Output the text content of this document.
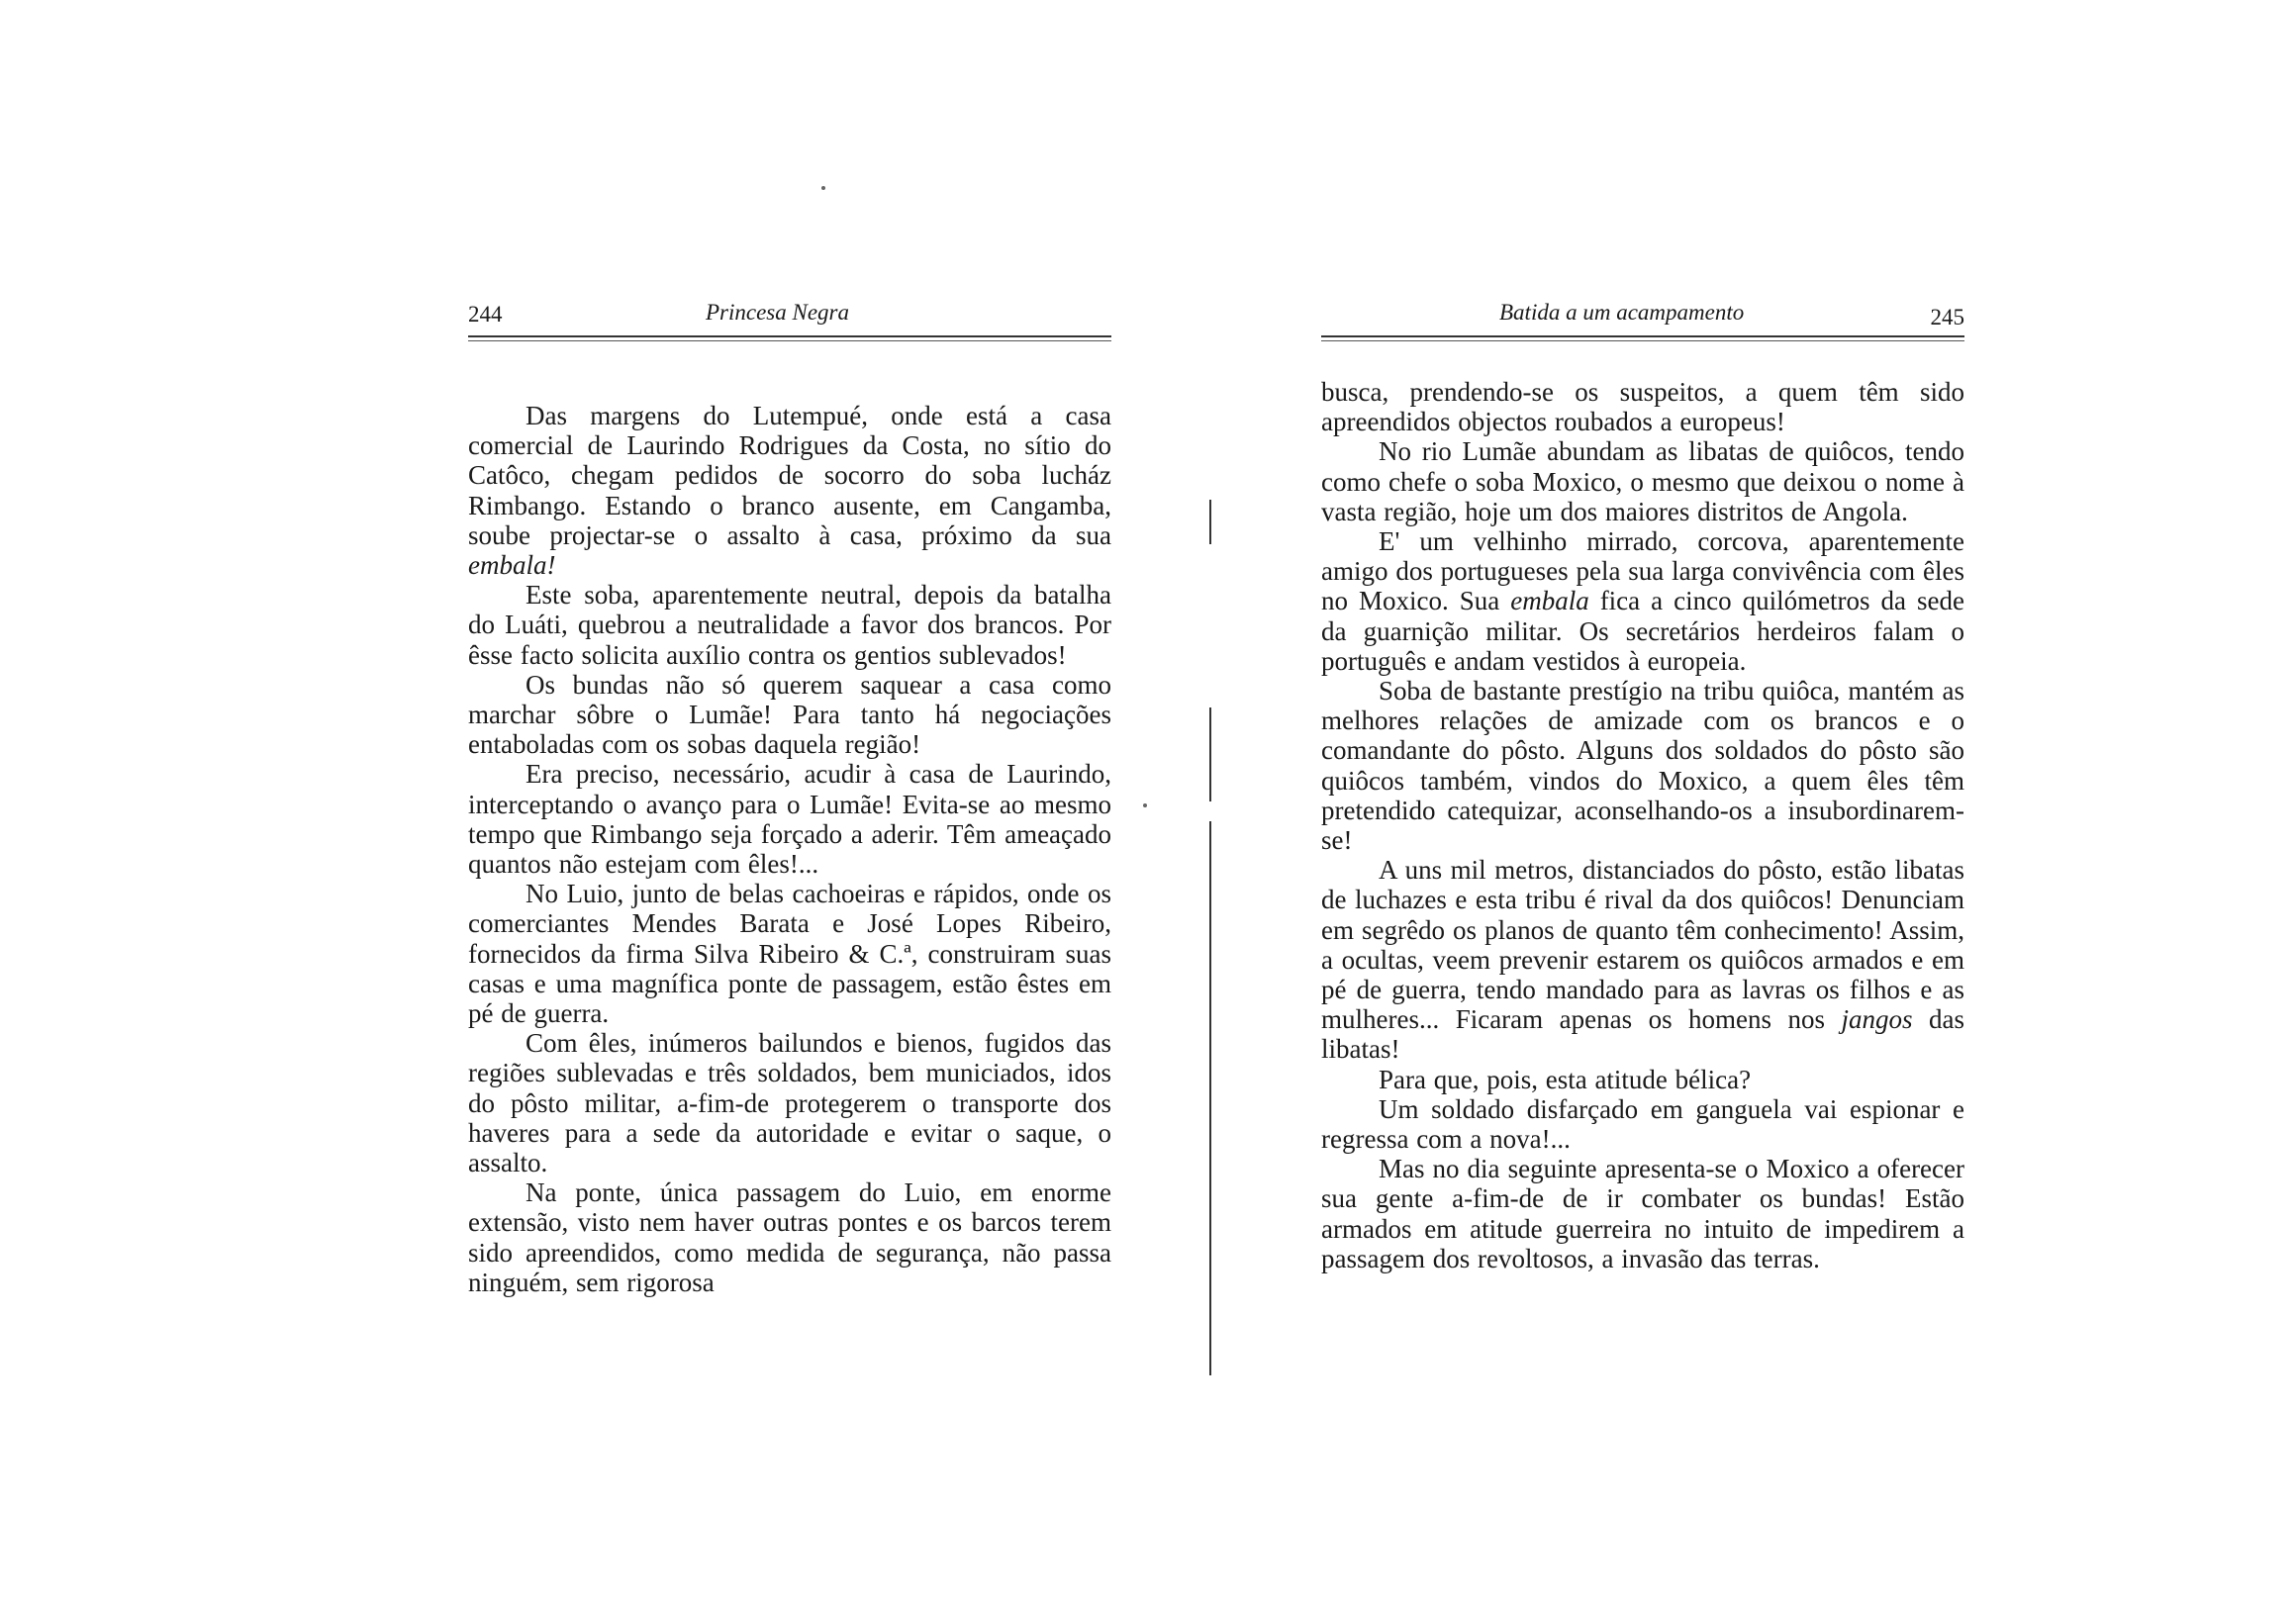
244	Princesa Negra

Das margens do Lutempué, onde está a casa comercial de Laurindo Rodrigues da Costa, no sítio do Catôco, chegam pedidos de socorro do soba lucház Rimbango. Estando o branco ausente, em Cangamba, soube projectar-se o assalto à casa, próximo da sua embala!

Este soba, aparentemente neutral, depois da batalha do Luáti, quebrou a neutralidade a favor dos brancos. Por êsse facto solicita auxílio contra os gentios sublevados!

Os bundas não só querem saquear a casa como marchar sôbre o Lumãe! Para tanto há negociações entaboladas com os sobas daquela região!

Era preciso, necessário, acudir à casa de Laurindo, interceptando o avanço para o Lumãe! Evita-se ao mesmo tempo que Rimbango seja forçado a aderir. Têm ameaçado quantos não estejam com êles!...

No Luio, junto de belas cachoeiras e rápidos, onde os comerciantes Mendes Barata e José Lopes Ribeiro, fornecidos da firma Silva Ribeiro & C.ª, construiram suas casas e uma magnífica ponte de passagem, estão êstes em pé de guerra.

Com êles, inúmeros bailundos e bienos, fugidos das regiões sublevadas e três soldados, bem municiados, idos do pôsto militar, a-fim-de protegerem o transporte dos haveres para a sede da autoridade e evitar o saque, o assalto.

Na ponte, única passagem do Luio, em enorme extensão, visto nem haver outras pontes e os barcos terem sido apreendidos, como medida de segurança, não passa ninguém, sem rigorosa

Batida a um acampamento	245

busca, prendendo-se os suspeitos, a quem têm sido apreendidos objectos roubados a europeus!

No rio Lumãe abundam as libatas de quiôcos, tendo como chefe o soba Moxico, o mesmo que deixou o nome à vasta região, hoje um dos maiores distritos de Angola.

E' um velhinho mirrado, corcova, aparentemente amigo dos portugueses pela sua larga convivência com êles no Moxico. Sua embala fica a cinco quilómetros da sede da guarnição militar. Os secretários herdeiros falam o português e andam vestidos à europeia.

Soba de bastante prestígio na tribu quiôca, mantém as melhores relações de amizade com os brancos e o comandante do pôsto. Alguns dos soldados do pôsto são quiôcos também, vindos do Moxico, a quem êles têm pretendido catequizar, aconselhando-os a insubordinarem-se!

A uns mil metros, distanciados do pôsto, estão libatas de luchazes e esta tribu é rival da dos quiôcos! Denunciam em segrêdo os planos de quanto têm conhecimento! Assim, a ocultas, veem prevenir estarem os quiôcos armados e em pé de guerra, tendo mandado para as lavras os filhos e as mulheres... Ficaram apenas os homens nos jangos das libatas!

Para que, pois, esta atitude bélica?

Um soldado disfarçado em ganguela vai espionar e regressa com a nova!...

Mas no dia seguinte apresenta-se o Moxico a oferecer sua gente a-fim-de de ir combater os bundas! Estão armados em atitude guerreira no intuito de impedirem a passagem dos revoltosos, a invasão das terras.
